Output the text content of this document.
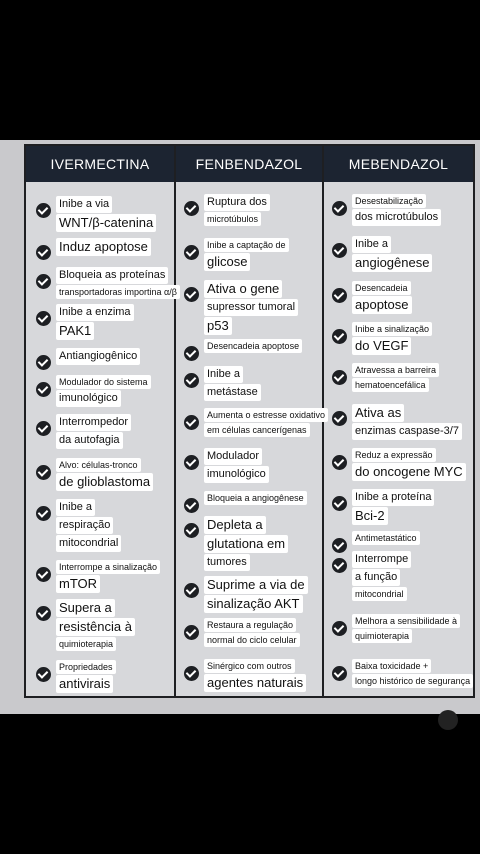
IVERMECTINA	FENBENDAZOL	MEBENDAZOL
Inibe a via
WNT/β-catenina
Induz apoptose
Bloqueia as proteínas
transportadoras importina α/β
Inibe a enzima
PAK1
Antiangiogênico
Modulador do sistema
imunológico
Interrompedor
da autofagia
Alvo: células-tronco
de glioblastoma
Inibe a
respiração
mitocondrial
Interrompe a sinalização
mTOR
Supera a
resistência à
quimioterapia
Propriedades
antivirais
Ruptura dos
microtúbulos
Inibe a captação de
glicose
Ativa o gene
supressor tumoral
p53
Desencadeia apoptose
Inibe a
metástase
Aumenta o estresse oxidativo
em células cancerígenas
Modulador
imunológico
Bloqueia a angiogênese
Depleta a
glutationa em
tumores
Suprime a via de
sinalização AKT
Restaura a regulação
normal do ciclo celular
Sinérgico com outros
agentes naturais
Desestabilização
dos microtúbulos
Inibe a
angiogênese
Desencadeia
apoptose
Inibe a sinalização
do VEGF
Atravessa a barreira
hematoencefálica
Ativa as
enzimas caspase-3/7
Reduz a expressão
do oncogene MYC
Inibe a proteína
Bci-2
Antimetastático
Interrompe
a função
mitocondrial
Melhora a sensibilidade à
quimioterapia
Baixa toxicidade +
longo histórico de segurança
